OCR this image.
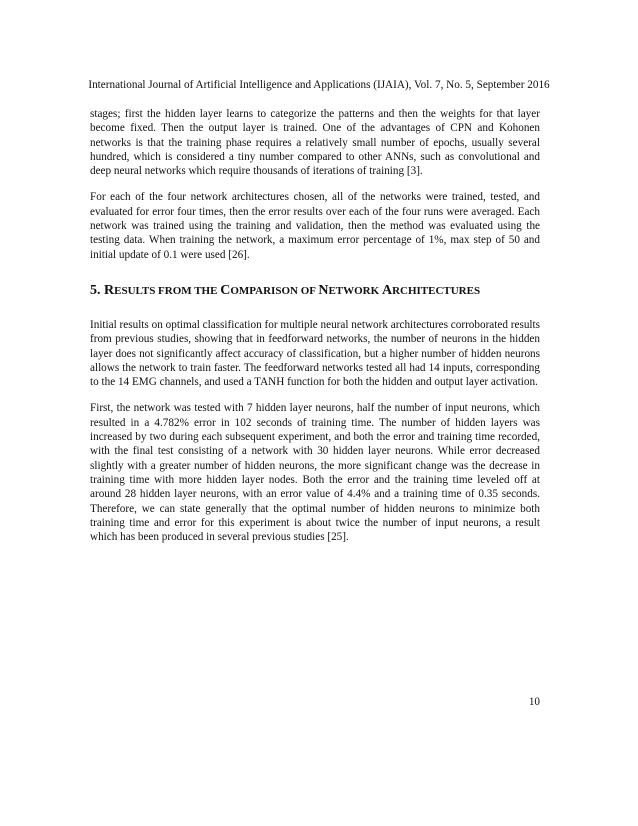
International Journal of Artificial Intelligence and Applications (IJAIA), Vol. 7, No. 5, September 2016

stages; first the hidden layer learns to categorize the patterns and then the weights for that layer become fixed. Then the output layer is trained. One of the advantages of CPN and Kohonen networks is that the training phase requires a relatively small number of epochs, usually several hundred, which is considered a tiny number compared to other ANNs, such as convolutional and deep neural networks which require thousands of iterations of training [3].

For each of the four network architectures chosen, all of the networks were trained, tested, and evaluated for error four times, then the error results over each of the four runs were averaged. Each network was trained using the training and validation, then the method was evaluated using the testing data. When training the network, a maximum error percentage of 1%, max step of 50 and initial update of 0.1 were used [26].

5. RESULTS FROM THE COMPARISON OF NETWORK ARCHITECTURES

Initial results on optimal classification for multiple neural network architectures corroborated results from previous studies, showing that in feedforward networks, the number of neurons in the hidden layer does not significantly affect accuracy of classification, but a higher number of hidden neurons allows the network to train faster. The feedforward networks tested all had 14 inputs, corresponding to the 14 EMG channels, and used a TANH function for both the hidden and output layer activation.

First, the network was tested with 7 hidden layer neurons, half the number of input neurons, which resulted in a 4.782% error in 102 seconds of training time. The number of hidden layers was increased by two during each subsequent experiment, and both the error and training time recorded, with the final test consisting of a network with 30 hidden layer neurons. While error decreased slightly with a greater number of hidden neurons, the more significant change was the decrease in training time with more hidden layer nodes. Both the error and the training time leveled off at around 28 hidden layer neurons, with an error value of 4.4% and a training time of 0.35 seconds. Therefore, we can state generally that the optimal number of hidden neurons to minimize both training time and error for this experiment is about twice the number of input neurons, a result which has been produced in several previous studies [25].

10
